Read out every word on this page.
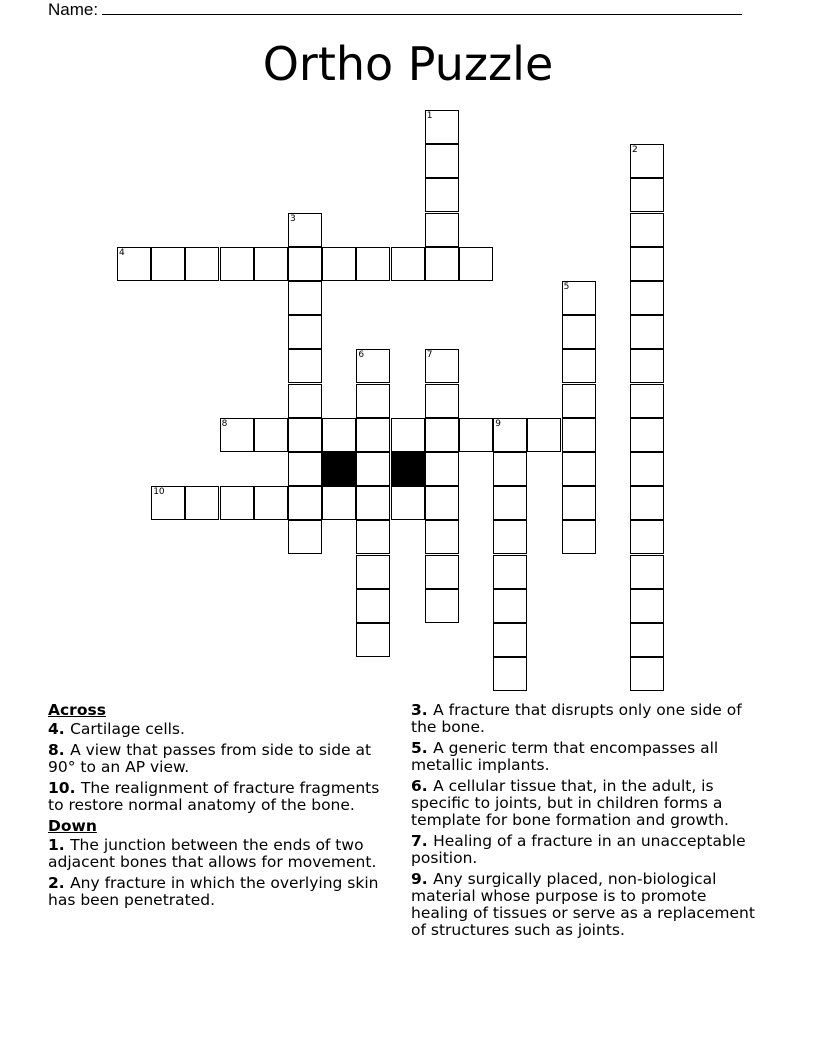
Name:
Ortho Puzzle
1
2
3
4
5
6	7
8	9
10
Across
4. Cartilage cells.
8. A view that passes from side to side at 90° to an AP view.
10. The realignment of fracture fragments to restore normal anatomy of the bone.
Down
1. The junction between the ends of two adjacent bones that allows for movement.
2. Any fracture in which the overlying skin has been penetrated.
3. A fracture that disrupts only one side of the bone.
5. A generic term that encompasses all metallic implants.
6. A cellular tissue that, in the adult, is specific to joints, but in children forms a template for bone formation and growth.
7. Healing of a fracture in an unacceptable position.
9. Any surgically placed, non-biological material whose purpose is to promote healing of tissues or serve as a replacement of structures such as joints.
